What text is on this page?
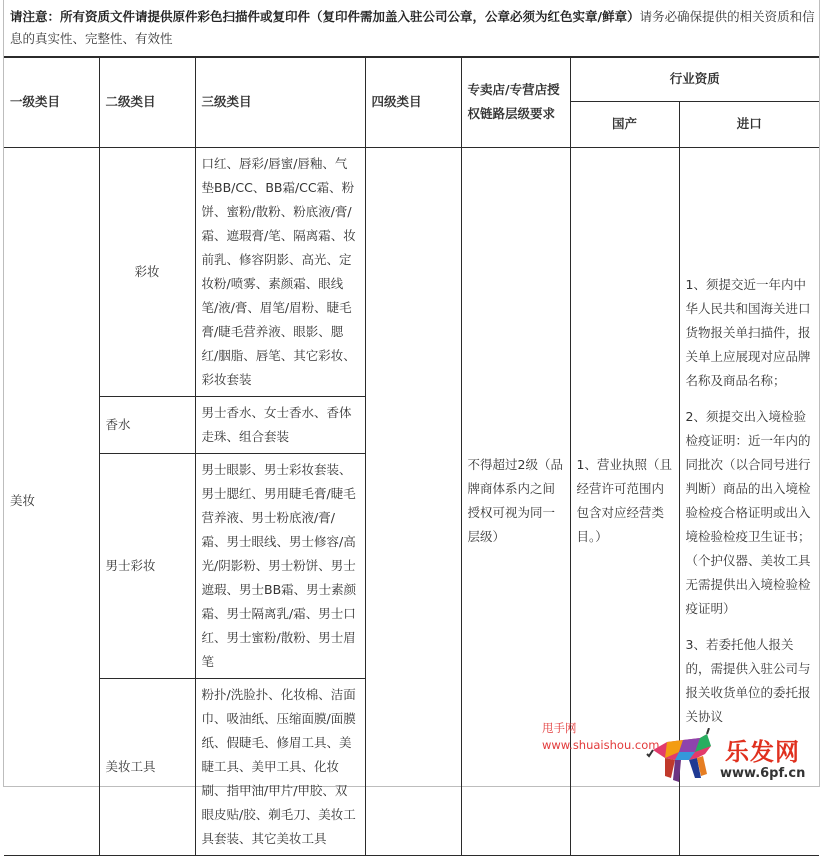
请注意：所有资质文件请提供原件彩色扫描件或复印件（复印件需加盖入驻公司公章，公章必须为红色实章/鲜章）请务必确保提供的相关资质和信息的真实性、完整性、有效性
一级类目	二级类目	三级类目	四级类目	专卖店/专营店授权链路层级要求	行业资质	
					国产	进口
美妆	彩妆	口红、唇彩/唇蜜/唇釉、气垫BB/CC、BB霜/CC霜、粉饼、蜜粉/散粉、粉底液/膏/霜、遮瑕膏/笔、隔离霜、妆前乳、修容阴影、高光、定妆粉/喷雾、素颜霜、眼线笔/液/膏、眉笔/眉粉、睫毛膏/睫毛营养液、眼影、腮红/胭脂、唇笔、其它彩妆、彩妆套装		不得超过2级（品牌商体系内之间授权可视为同一层级）	1、营业执照（且经营许可范围内包含对应经营类目。）	1、须提交近一年内中华人民共和国海关进口货物报关单扫描件，报关单上应展现对应品牌名称及商品名称；

2、须提交出入境检验检疫证明：近一年内的同批次（以合同号进行判断）商品的出入境检验检疫合格证明或出入境检验检疫卫生证书；（个护仪器、美妆工具无需提供出入境检验检疫证明）

3、若委托他人报关的，需提供入驻公司与报关收货单位的委托报关协议

	香水	男士香水、女士香水、香体走珠、组合套装				
	男士彩妆	男士眼影、男士彩妆套装、男士腮红、男用睫毛膏/睫毛营养液、男士粉底液/膏/霜、男士眼线、男士修容/高光/阴影粉、男士粉饼、男士遮瑕、男士BB霜、男士素颜霜、男士隔离乳/霜、男士口红、男士蜜粉/散粉、男士眉笔				
	美妆工具	粉扑/洗脸扑、化妆棉、洁面巾、吸油纸、压缩面膜/面膜纸、假睫毛、修眉工具、美睫工具、美甲工具、化妆刷、指甲油/甲片/甲胶、双眼皮贴/胶、剃毛刀、美妆工具套装、其它美妆工具				
甩手网
www.shuaishou.com	乐发网
www.6pf.cn
